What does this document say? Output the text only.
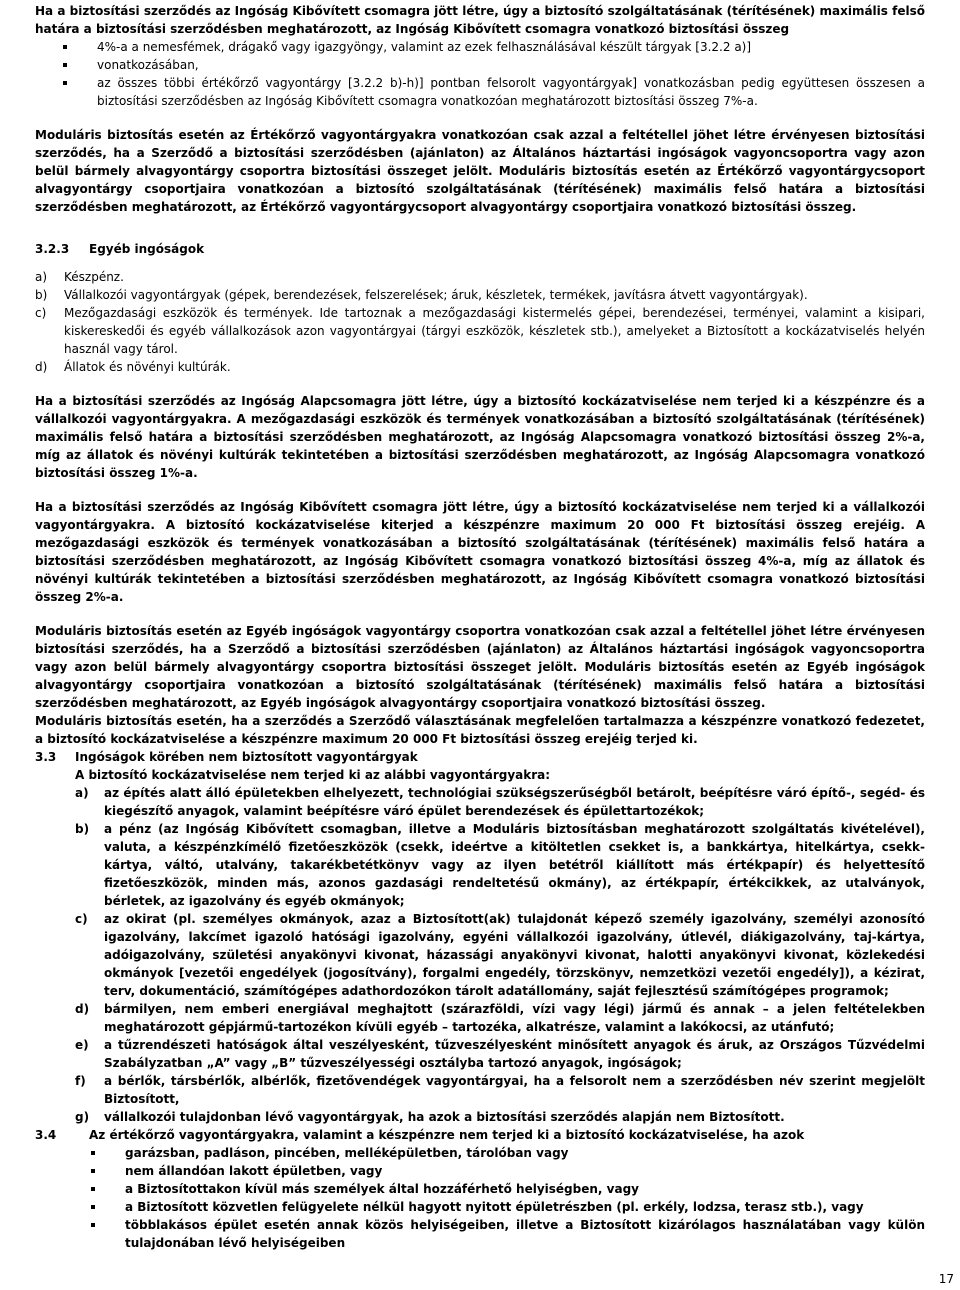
Ha a biztosítási szerződés az Ingóság Kibővített csomagra jött létre, úgy a biztosító szolgáltatásának (térítésének) maximális felső határa a biztosítási szerződésben meghatározott, az Ingóság Kibővített csomagra vonatkozó biztosítási összeg

4%-a a nemesfémek, drágakő vagy igazgyöngy, valamint az ezek felhasználásával készült tárgyak [3.2.2 a)]
vonatkozásában,
az összes többi értékőrző vagyontárgy [3.2.2 b)-h)] pontban felsorolt vagyontárgyak] vonatkozásban pedig együttesen összesen a biztosítási szerződésben az Ingóság Kibővített csomagra vonatkozóan meghatározott biztosítási összeg 7%-a.

Moduláris biztosítás esetén az Értékőrző vagyontárgyakra vonatkozóan csak azzal a feltétellel jöhet létre érvényesen biztosítási szerződés, ha a Szerződő a biztosítási szerződésben (ajánlaton) az Általános háztartási ingóságok vagyoncsoportra vagy azon belül bármely alvagyontárgy csoportra biztosítási összeget jelölt. Moduláris biztosítás esetén az Értékőrző vagyontárgycsoport alvagyontárgy csoportjaira vonatkozóan a biztosító szolgáltatásának (térítésének) maximális felső határa a biztosítási szerződésben meghatározott, az Értékőrző vagyontárgycsoport alvagyontárgy csoportjaira vonatkozó biztosítási összeg.

3.2.3	Egyéb ingóságok
a)	Készpénz.
b)	Vállalkozói vagyontárgyak (gépek, berendezések, felszerelések; áruk, készletek, termékek, javításra átvett vagyontárgyak).
c)	Mezőgazdasági eszközök és termények. Ide tartoznak a mezőgazdasági kistermelés gépei, berendezései, terményei, valamint a kisipari, kiskereskedői és egyéb vállalkozások azon vagyontárgyai (tárgyi eszközök, készletek stb.), amelyeket a Biztosított a kockázatviselés helyén használ vagy tárol.
d)	Állatok és növényi kultúrák.

Ha a biztosítási szerződés az Ingóság Alapcsomagra jött létre, úgy a biztosító kockázatviselése nem terjed ki a készpénzre és a vállalkozói vagyontárgyakra. A mezőgazdasági eszközök és termények vonatkozásában a biztosító szolgáltatásának (térítésének) maximális felső határa a biztosítási szerződésben meghatározott, az Ingóság Alapcsomagra vonatkozó biztosítási összeg 2%-a, míg az állatok és növényi kultúrák tekintetében a biztosítási szerződésben meghatározott, az Ingóság Alapcsomagra vonatkozó biztosítási összeg 1%-a.

Ha a biztosítási szerződés az Ingóság Kibővített csomagra jött létre, úgy a biztosító kockázatviselése nem terjed ki a vállalkozói vagyontárgyakra. A biztosító kockázatviselése kiterjed a készpénzre maximum 20 000 Ft biztosítási összeg erejéig. A mezőgazdasági eszközök és termények vonatkozásában a biztosító szolgáltatásának (térítésének) maximális felső határa a biztosítási szerződésben meghatározott, az Ingóság Kibővített csomagra vonatkozó biztosítási összeg 4%-a, míg az állatok és növényi kultúrák tekintetében a biztosítási szerződésben meghatározott, az Ingóság Kibővített csomagra vonatkozó biztosítási összeg 2%-a.

Moduláris biztosítás esetén az Egyéb ingóságok vagyontárgy csoportra vonatkozóan csak azzal a feltétellel jöhet létre érvényesen biztosítási szerződés, ha a Szerződő a biztosítási szerződésben (ajánlaton) az Általános háztartási ingóságok vagyoncsoportra vagy azon belül bármely alvagyontárgy csoportra biztosítási összeget jelölt. Moduláris biztosítás esetén az Egyéb ingóságok alvagyontárgy csoportjaira vonatkozóan a biztosító szolgáltatásának (térítésének) maximális felső határa a biztosítási szerződésben meghatározott, az Egyéb ingóságok alvagyontárgy csoportjaira vonatkozó biztosítási összeg.

Moduláris biztosítás esetén, ha a szerződés a Szerződő választásának megfelelően tartalmazza a készpénzre vonatkozó fedezetet, a biztosító kockázatviselése a készpénzre maximum 20 000 Ft biztosítási összeg erejéig terjed ki.

3.3	Ingóságok körében nem biztosított vagyontárgyak

A biztosító kockázatviselése nem terjed ki az alábbi vagyontárgyakra:

a)	az építés alatt álló épületekben elhelyezett, technológiai szükségszerűségből betárolt, beépítésre váró építő-, segéd- és kiegészítő anyagok, valamint beépítésre váró épület berendezések és épülettartozékok;
b)	a pénz (az Ingóság Kibővített csomagban, illetve a Moduláris biztosításban meghatározott szolgáltatás kivételével), valuta, a készpénzkímélő fizetőeszközök (csekk, ideértve a kitöltetlen csekket is, a bankkártya, hitelkártya, csekk-kártya, váltó, utalvány, takarékbetétkönyv vagy az ilyen betétről kiállított más értékpapír) és helyettesítő fizetőeszközök, minden más, azonos gazdasági rendeltetésű okmány), az értékpapír, értékcikkek, az utalványok, bérletek, az igazolvány és egyéb okmányok;
c)	az okirat (pl. személyes okmányok, azaz a Biztosított(ak) tulajdonát képező személy igazolvány, személyi azonosító igazolvány, lakcímet igazoló hatósági igazolvány, egyéni vállalkozói igazolvány, útlevél, diákigazolvány, taj-kártya, adóigazolvány, születési anyakönyvi kivonat, házassági anyakönyvi kivonat, halotti anyakönyvi kivonat, közlekedési okmányok [vezetői engedélyek (jogosítvány), forgalmi engedély, törzskönyv, nemzetközi vezetői engedély]), a kézirat, terv, dokumentáció, számítógépes adathordozókon tárolt adatállomány, saját fejlesztésű számítógépes programok;
d)	bármilyen, nem emberi energiával meghajtott (szárazföldi, vízi vagy légi) jármű és annak – a jelen feltételekben meghatározott gépjármű-tartozékon kívüli egyéb – tartozéka, alkatrésze, valamint a lakókocsi, az utánfutó;
e)	a tűzrendészeti hatóságok által veszélyesként, tűzveszélyesként minősített anyagok és áruk, az Országos Tűzvédelmi Szabályzatban „A” vagy „B” tűzveszélyességi osztályba tartozó anyagok, ingóságok;
f)	a bérlők, társbérlők, albérlők, fizetővendégek vagyontárgyai, ha a felsorolt nem a szerződésben név szerint megjelölt Biztosított,
g)	vállalkozói tulajdonban lévő vagyontárgyak, ha azok a biztosítási szerződés alapján nem Biztosított.
3.4	Az értékőrző vagyontárgyakra, valamint a készpénzre nem terjed ki a biztosító kockázatviselése, ha azok
garázsban, padláson, pincében, melléképületben, tárolóban vagy
nem állandóan lakott épületben, vagy
a Biztosítottakon kívül más személyek által hozzáférhető helyiségben, vagy
a Biztosított közvetlen felügyelete nélkül hagyott nyitott épületrészben (pl. erkély, lodzsa, terasz stb.), vagy
többlakásos épület esetén annak közös helyiségeiben, illetve a Biztosított kizárólagos használatában vagy külön tulajdonában lévő helyiségeiben
17
